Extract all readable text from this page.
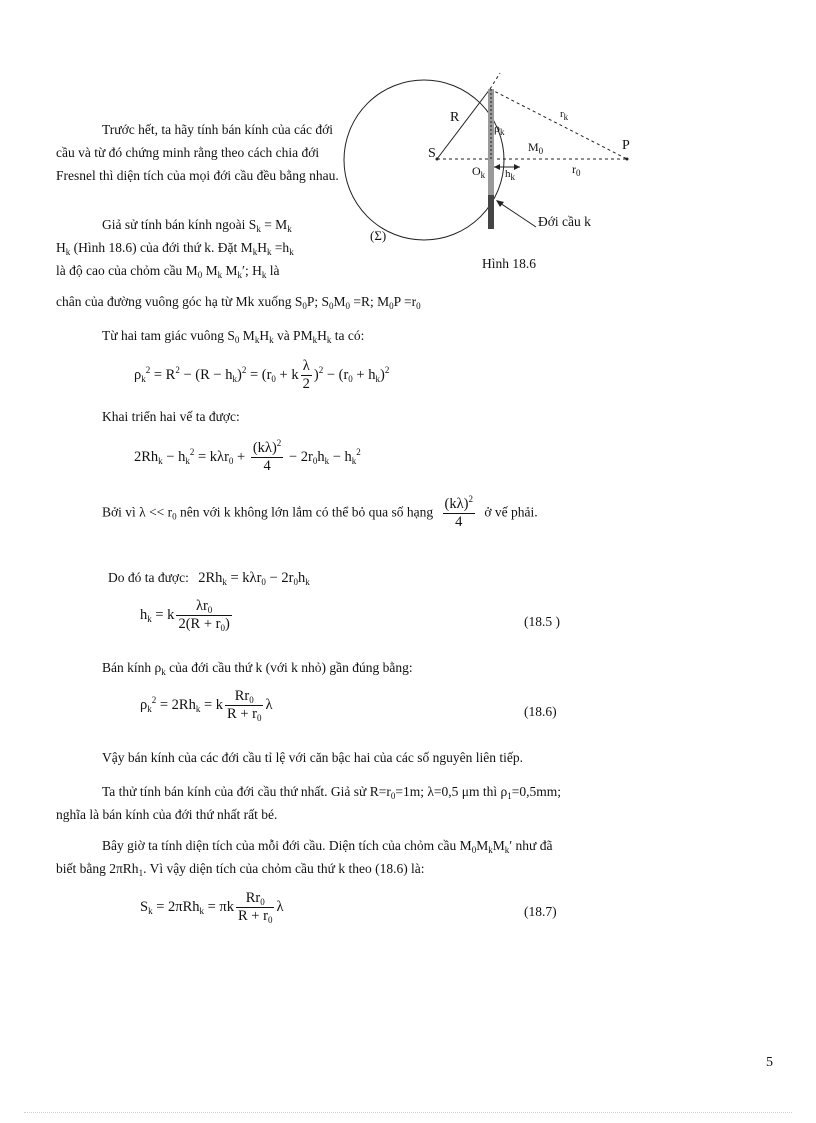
R
S
$\rho_k$
$r_k$
P
$M_0$
$O_k$ $h_k$
$r_0$
Đới cầu k
(Σ)
Hình 18.6
Trước hết, ta hãy tính bán kính của các đới cầu và từ đó chứng minh rằng theo cách chia đới Fresnel thì diện tích của mọi đới cầu đều bằng nhau.
Giả sử tính bán kính ngoài $S_k = M_k$
$H_k$ (Hình 18.6) của đới thứ k. Đặt $M_kH_k =h_k$
là độ cao của chỏm cầu $M_0$ $M_k$ $M_k'$; $H_k$ là
chân của đường vuông góc hạ từ Mk xuống $S_0P$; $S_0M_0 =R$; $M_0P =r_0$
Từ hai tam giác vuông $S_0$ $M_kH_k$ và $PM_kH_k$ ta có:
$\rho_k^2 = R^2 - (R - h_k)^2 = (r_0 + k \frac{\lambda}{2} )^2 - (r_0 + h_k)^2$
Khai triển hai vế ta được:
$2Rh_k - h_k^2 = k\lambda r_0 + \frac{(k\lambda)^2}{4} - 2r_0h_k - h_k^2$
Bởi vì $\lambda << r_0$ nên với k không lớn lắm có thể bỏ qua số hạng $\frac{(k\lambda)^2}{4}$ ở vế phải.
Do đó ta được: $2Rh_k = k\lambda r_0 - 2r_0h_k$
$h_k = k \frac{\lambda r_0}{2(R + r_0)}$	(18.5 )
Bán kính $\rho_k$ của đới cầu thứ k (với k nhỏ) gần đúng bằng:
$\rho_k^2 = 2Rh_k = k \frac{Rr_0}{R + r_0}$ λ	(18.6)
Vậy bán kính của các đới cầu tỉ lệ với căn bậc hai của các số nguyên liên tiếp.
Ta thử tính bán kính của đới cầu thứ nhất. Giả sử $R=r_0=1m$; λ=0,5 μm thì $\rho_1=0,5mm$;
nghĩa là bán kính của đới thứ nhất rất bé.
Bây giờ ta tính diện tích của mỗi đới cầu. Diện tích của chỏm cầu $M_0M_kM_k'$ như đã
biết bằng 2πRh$_1$. Vì vậy diện tích của chỏm cầu thứ k theo (18.6) là:
$S_k = 2\pi Rh_k = \pi k \frac{Rr_0}{R + r_0}$ λ	(18.7)
5
